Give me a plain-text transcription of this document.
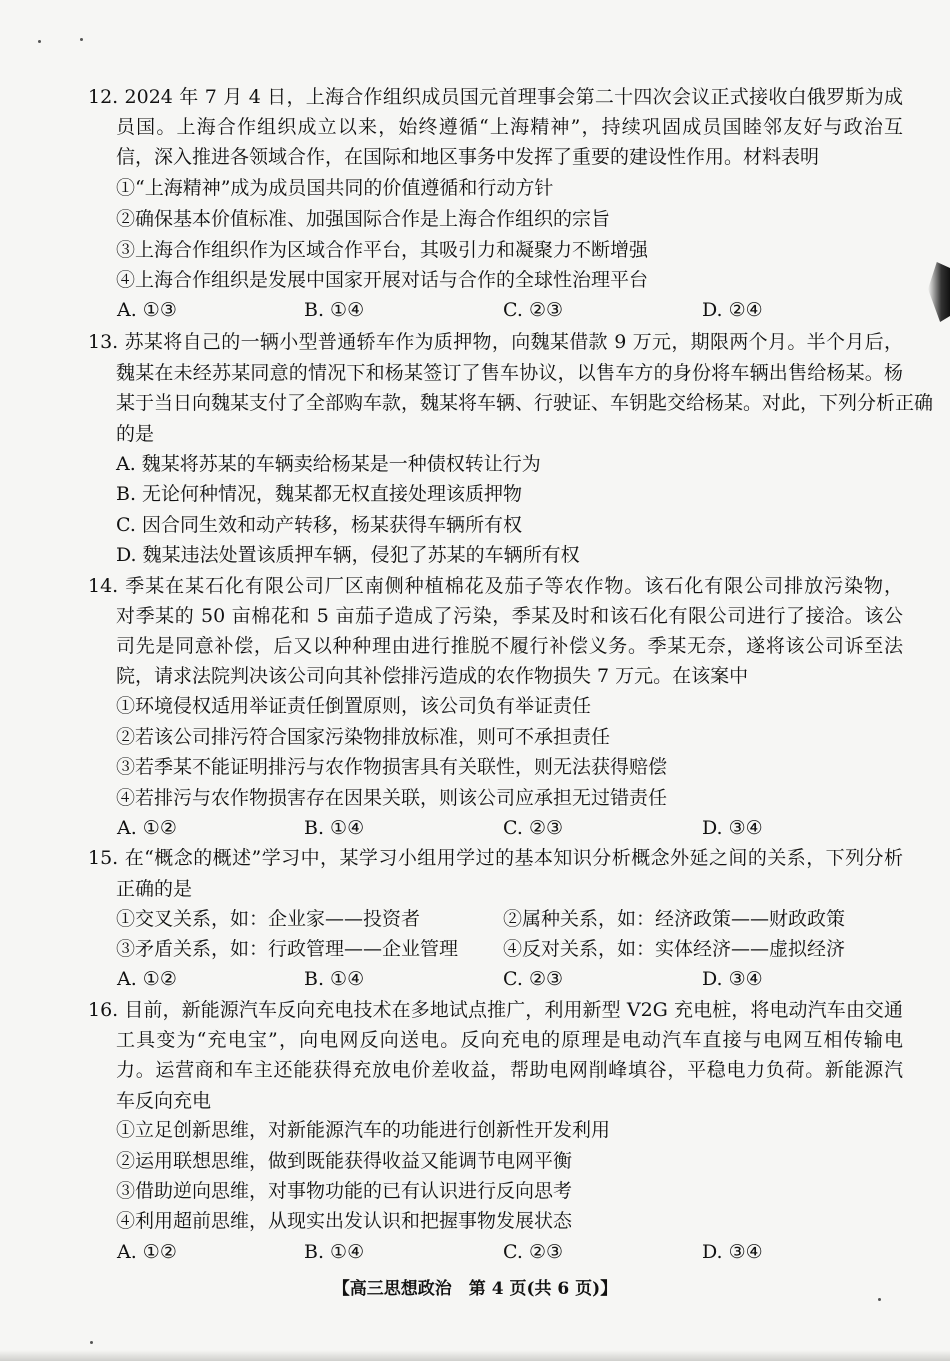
12. 2024 年 7 月 4 日，上海合作组织成员国元首理事会第二十四次会议正式接收白俄罗斯为成
员国。上海合作组织成立以来，始终遵循“上海精神”，持续巩固成员国睦邻友好与政治互
信，深入推进各领域合作，在国际和地区事务中发挥了重要的建设性作用。材料表明
①“上海精神”成为成员国共同的价值遵循和行动方针
②确保基本价值标准、加强国际合作是上海合作组织的宗旨
③上海合作组织作为区域合作平台，其吸引力和凝聚力不断增强
④上海合作组织是发展中国家开展对话与合作的全球性治理平台
A. ①③	B. ①④	C. ②③	D. ②④
13. 苏某将自己的一辆小型普通轿车作为质押物，向魏某借款 9 万元，期限两个月。半个月后，
魏某在未经苏某同意的情况下和杨某签订了售车协议，以售车方的身份将车辆出售给杨某。杨
某于当日向魏某支付了全部购车款，魏某将车辆、行驶证、车钥匙交给杨某。对此，下列分析正确
的是
A. 魏某将苏某的车辆卖给杨某是一种债权转让行为
B. 无论何种情况，魏某都无权直接处理该质押物
C. 因合同生效和动产转移，杨某获得车辆所有权
D. 魏某违法处置该质押车辆，侵犯了苏某的车辆所有权
14. 季某在某石化有限公司厂区南侧种植棉花及茄子等农作物。该石化有限公司排放污染物，
对季某的 50 亩棉花和 5 亩茄子造成了污染，季某及时和该石化有限公司进行了接洽。该公
司先是同意补偿，后又以种种理由进行推脱不履行补偿义务。季某无奈，遂将该公司诉至法
院，请求法院判决该公司向其补偿排污造成的农作物损失 7 万元。在该案中
①环境侵权适用举证责任倒置原则，该公司负有举证责任
②若该公司排污符合国家污染物排放标准，则可不承担责任
③若季某不能证明排污与农作物损害具有关联性，则无法获得赔偿
④若排污与农作物损害存在因果关联，则该公司应承担无过错责任
A. ①②	B. ①④	C. ②③	D. ③④
15. 在“概念的概述”学习中，某学习小组用学过的基本知识分析概念外延之间的关系，下列分析
正确的是
①交叉关系，如：企业家——投资者	②属种关系，如：经济政策——财政政策
③矛盾关系，如：行政管理——企业管理 ④反对关系，如：实体经济——虚拟经济
A. ①②	B. ①④	C. ②③	D. ③④
16. 目前，新能源汽车反向充电技术在多地试点推广，利用新型 V2G 充电桩，将电动汽车由交通
工具变为“充电宝”，向电网反向送电。反向充电的原理是电动汽车直接与电网互相传输电
力。运营商和车主还能获得充放电价差收益，帮助电网削峰填谷，平稳电力负荷。新能源汽
车反向充电
①立足创新思维，对新能源汽车的功能进行创新性开发利用
②运用联想思维，做到既能获得收益又能调节电网平衡
③借助逆向思维，对事物功能的已有认识进行反向思考
④利用超前思维，从现实出发认识和把握事物发展状态
A. ①②	B. ①④	C. ②③	D. ③④
【高三思想政治　第 4 页(共 6 页)】
